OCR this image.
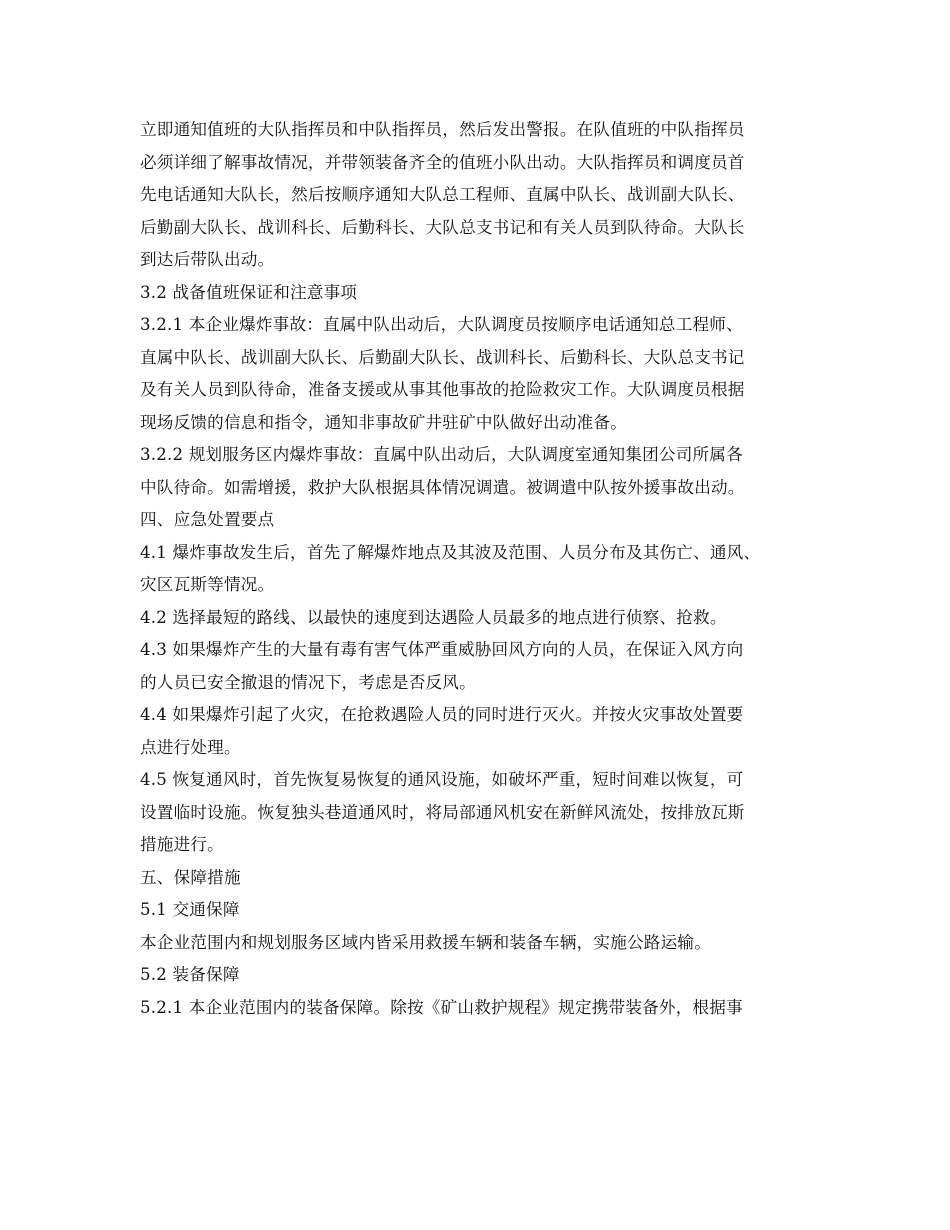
立即通知值班的大队指挥员和中队指挥员，然后发出警报。在队值班的中队指挥员
必须详细了解事故情况，并带领装备齐全的值班小队出动。大队指挥员和调度员首
先电话通知大队长，然后按顺序通知大队总工程师、直属中队长、战训副大队长、
后勤副大队长、战训科长、后勤科长、大队总支书记和有关人员到队待命。大队长
到达后带队出动。
3.2 战备值班保证和注意事项
3.2.1 本企业爆炸事故：直属中队出动后，大队调度员按顺序电话通知总工程师、
直属中队长、战训副大队长、后勤副大队长、战训科长、后勤科长、大队总支书记
及有关人员到队待命，准备支援或从事其他事故的抢险救灾工作。大队调度员根据
现场反馈的信息和指令，通知非事故矿井驻矿中队做好出动准备。
3.2.2 规划服务区内爆炸事故：直属中队出动后，大队调度室通知集团公司所属各
中队待命。如需增援，救护大队根据具体情况调遣。被调遣中队按外援事故出动。
四、应急处置要点
4.1 爆炸事故发生后，首先了解爆炸地点及其波及范围、人员分布及其伤亡、通风、
灾区瓦斯等情况。
4.2 选择最短的路线、以最快的速度到达遇险人员最多的地点进行侦察、抢救。
4.3 如果爆炸产生的大量有毒有害气体严重威胁回风方向的人员，在保证入风方向
的人员已安全撤退的情况下，考虑是否反风。
4.4 如果爆炸引起了火灾，在抢救遇险人员的同时进行灭火。并按火灾事故处置要
点进行处理。
4.5 恢复通风时，首先恢复易恢复的通风设施，如破坏严重，短时间难以恢复，可
设置临时设施。恢复独头巷道通风时，将局部通风机安在新鲜风流处，按排放瓦斯
措施进行。
五、保障措施
5.1 交通保障
本企业范围内和规划服务区域内皆采用救援车辆和装备车辆，实施公路运输。
5.2 装备保障
5.2.1 本企业范围内的装备保障。除按《矿山救护规程》规定携带装备外，根据事
